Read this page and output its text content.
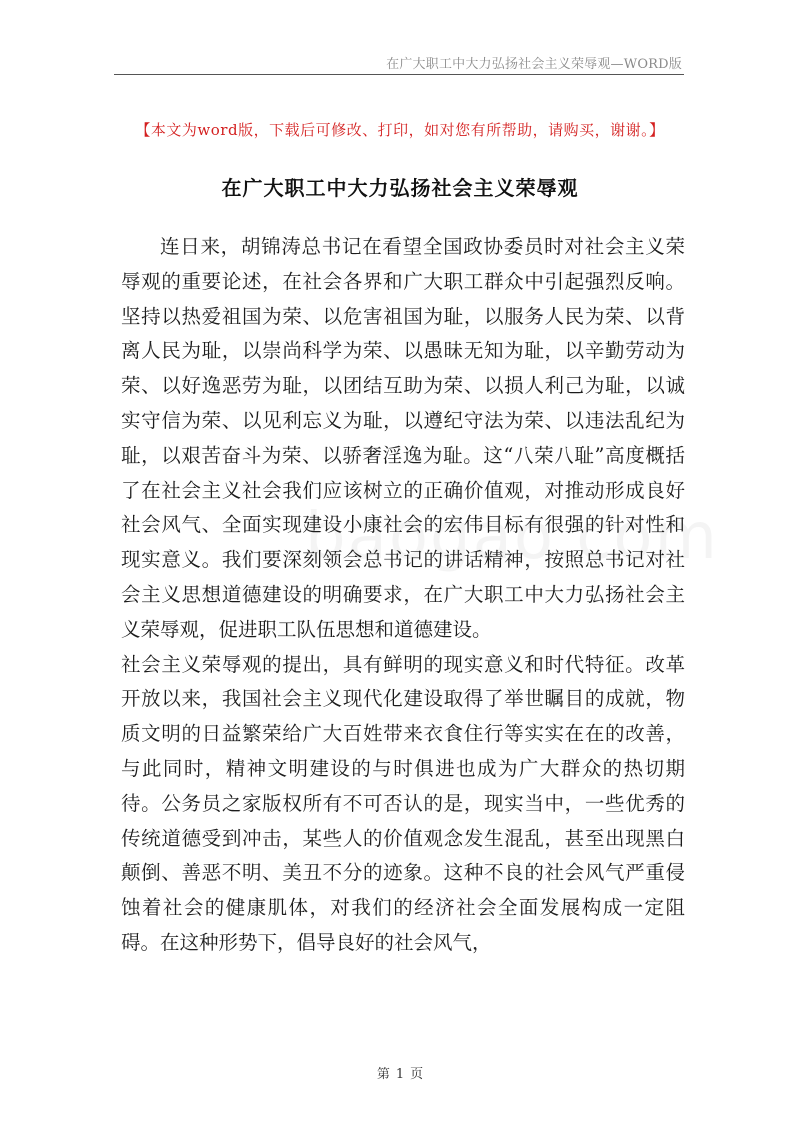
在广大职工中大力弘扬社会主义荣辱观—WORD版
【本文为word版，下载后可修改、打印，如对您有所帮助，请购买，谢谢。】
在广大职工中大力弘扬社会主义荣辱观

连日来，胡锦涛总书记在看望全国政协委员时对社会主义荣辱观的重要论述，在社会各界和广大职工群众中引起强烈反响。坚持以热爱祖国为荣、以危害祖国为耻，以服务人民为荣、以背离人民为耻，以崇尚科学为荣、以愚昧无知为耻，以辛勤劳动为荣、以好逸恶劳为耻，以团结互助为荣、以损人利己为耻，以诚实守信为荣、以见利忘义为耻，以遵纪守法为荣、以违法乱纪为耻，以艰苦奋斗为荣、以骄奢淫逸为耻。这“八荣八耻”高度概括了在社会主义社会我们应该树立的正确价值观，对推动形成良好社会风气、全面实现建设小康社会的宏伟目标有很强的针对性和现实意义。我们要深刻领会总书记的讲话精神，按照总书记对社会主义思想道德建设的明确要求，在广大职工中大力弘扬社会主义荣辱观，促进职工队伍思想和道德建设。

社会主义荣辱观的提出，具有鲜明的现实意义和时代特征。改革开放以来，我国社会主义现代化建设取得了举世瞩目的成就，物质文明的日益繁荣给广大百姓带来衣食住行等实实在在的改善，与此同时，精神文明建设的与时俱进也成为广大群众的热切期待。公务员之家版权所有不可否认的是，现实当中，一些优秀的传统道德受到冲击，某些人的价值观念发生混乱，甚至出现黑白颠倒、善恶不明、美丑不分的迹象。这种不良的社会风气严重侵蚀着社会的健康肌体，对我们的经济社会全面发展构成一定阻碍。在这种形势下，倡导良好的社会风气，

第 1 页
